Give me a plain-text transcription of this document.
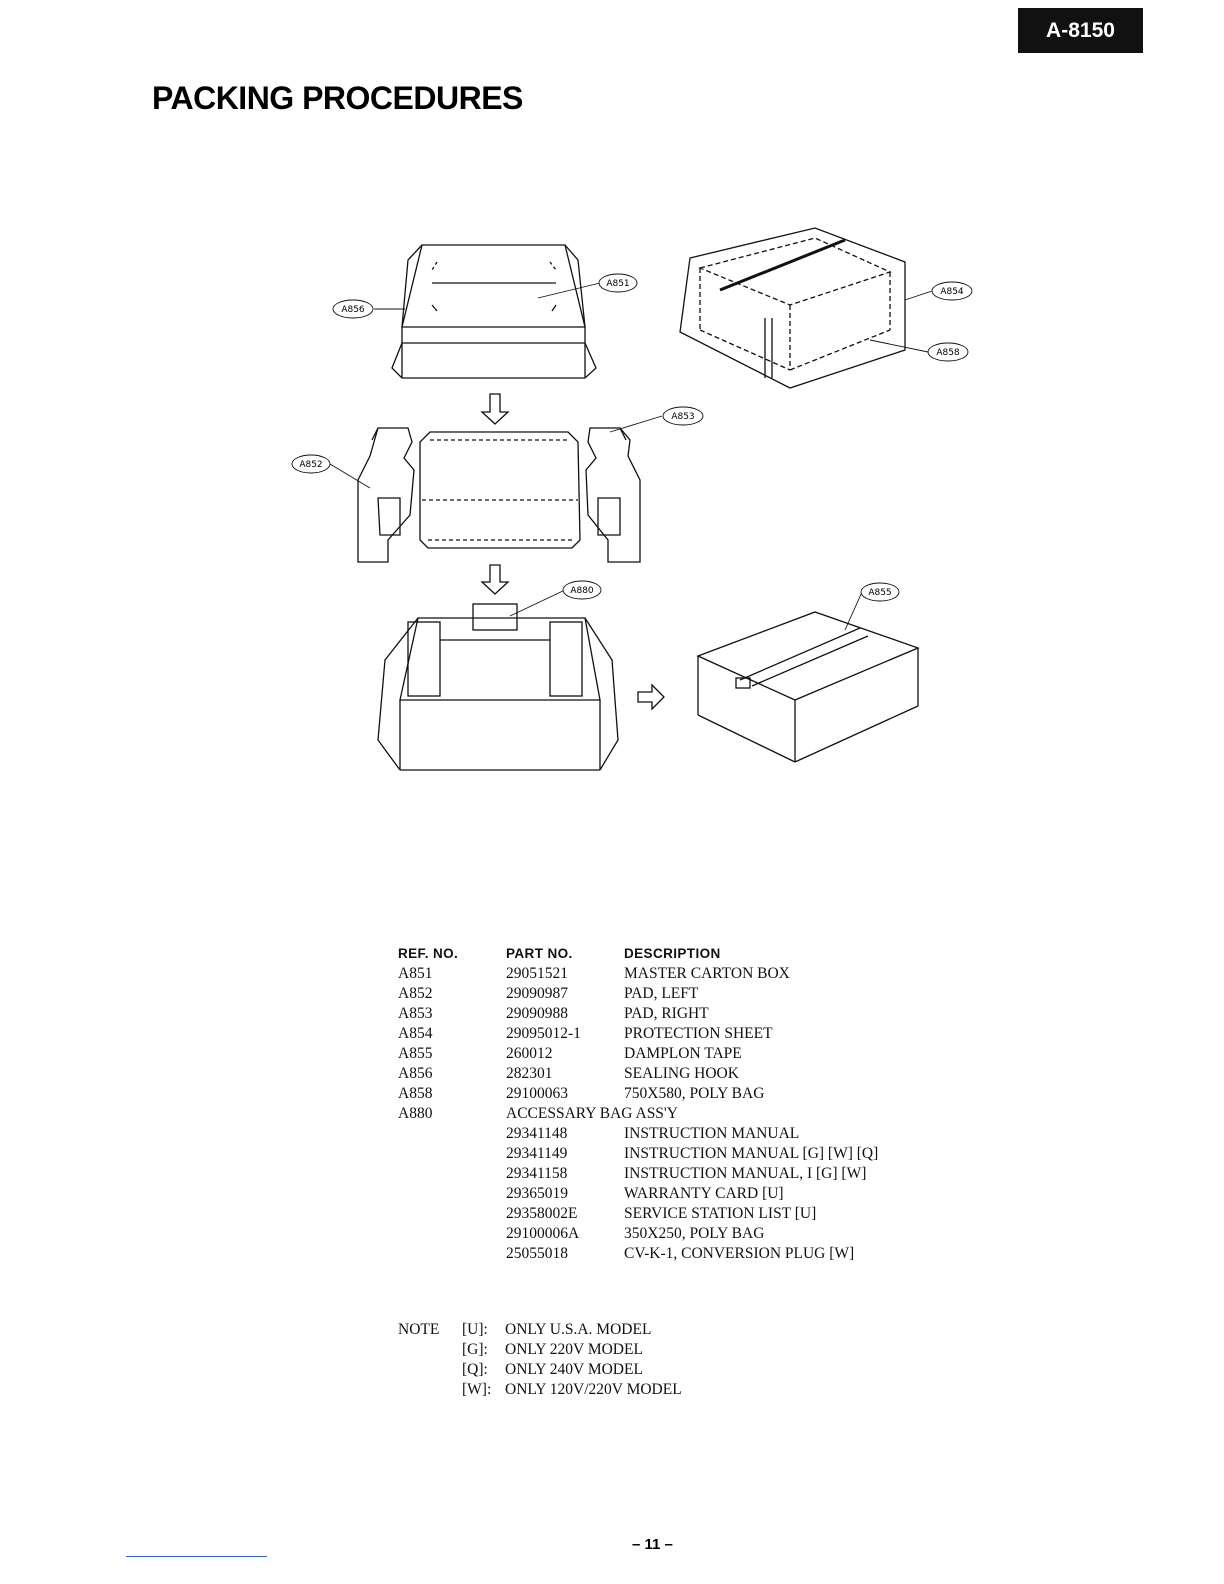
A-8150
PACKING PROCEDURES
A856
A851
A854
A858
A853
A852
A880	A855
REF. NO.	PART NO.	DESCRIPTION
A851	29051521	MASTER CARTON BOX
A852	29090987	PAD, LEFT
A853	29090988	PAD, RIGHT
A854	29095012-1	PROTECTION SHEET
A855	260012	DAMPLON TAPE
A856	282301	SEALING HOOK
A858	29100063	750X580, POLY BAG
A880	ACCESSARY BAG ASS'Y
29341148	INSTRUCTION MANUAL
29341149	INSTRUCTION MANUAL [G] [W] [Q]
29341158	INSTRUCTION MANUAL, I [G] [W]
29365019	WARRANTY CARD [U]
29358002E	SERVICE STATION LIST [U]
29100006A	350X250, POLY BAG
25055018	CV-K-1, CONVERSION PLUG [W]
NOTE [U]: ONLY U.S.A. MODEL
[G]: ONLY 220V MODEL
[Q]: ONLY 240V MODEL
[W]: ONLY 120V/220V MODEL
– 11 –
